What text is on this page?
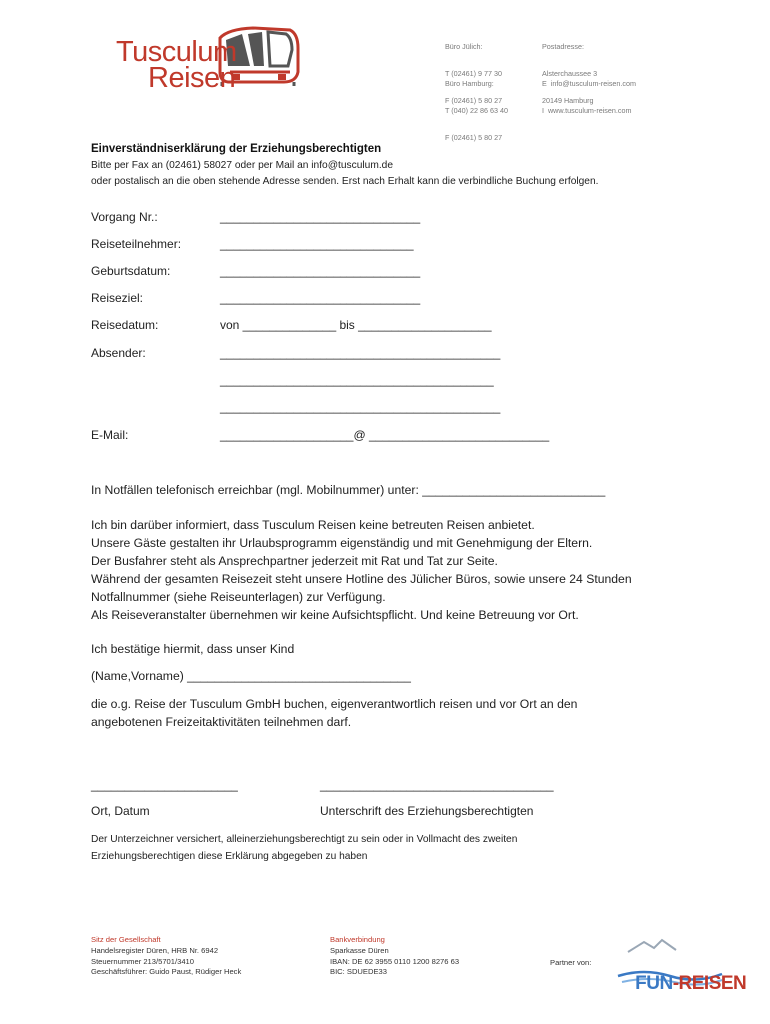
Tusculum
Reisen

Büro Jülich:

T (02461) 9 77 30

F (02461) 5 80 27

Büro Hamburg:

T (040) 22 86 63 40

F (02461) 5 80 27

Postadresse:

Alsterchaussee 3

20149 Hamburg

E  info@tusculum-reisen.com

I  www.tusculum-reisen.com

Einverständniserklärung der Erziehungsberechtigten
Bitte per Fax an (02461) 58027 oder per Mail an info@tusculum.de
oder postalisch an die oben stehende Adresse senden. Erst nach Erhalt kann die verbindliche Buchung erfolgen.
Vorgang Nr.:	______________________________
Reiseteilnehmer:	_____________________________
Geburtsdatum:	______________________________
Reiseziel:	______________________________
Reisedatum:	von ______________ bis ____________________
Absender:	__________________________________________
_________________________________________
__________________________________________
E-Mail:	____________________@ ___________________________
In Notfällen telefonisch erreichbar (mgl. Mobilnummer) unter: ___________________________
Ich bin darüber informiert, dass Tusculum Reisen keine betreuten Reisen anbietet.
Unsere Gäste gestalten ihr Urlaubsprogramm eigenständig und mit Genehmigung der Eltern.
Der Busfahrer steht als Ansprechpartner jederzeit mit Rat und Tat zur Seite.
Während der gesamten Reisezeit steht unsere Hotline des Jülicher Büros, sowie unsere 24 Stunden
Notfallnummer (siehe Reiseunterlagen) zur Verfügung.
Als Reiseveranstalter übernehmen wir keine Aufsichtspflicht. Und keine Betreuung vor Ort.
Ich bestätige hiermit, dass unser Kind
(Name,Vorname) _________________________________
die o.g. Reise der Tusculum GmbH buchen, eigenverantwortlich reisen und vor Ort an den
angebotenen Freizeitaktivitäten teilnehmen darf.
______________________	___________________________________
Ort, Datum	Unterschrift des Erziehungsberechtigten
Der Unterzeichner versichert, alleinerziehungsberechtigt zu sein oder in Vollmacht des zweiten
Erziehungsberechtigen diese Erklärung abgegeben zu haben
Sitz der Gesellschaft
Handelsregister Düren, HRB Nr. 6942
Steuernummer 213/5701/3410
Geschäftsführer: Guido Paust, Rüdiger Heck
Bankverbindung
Sparkasse Düren
IBAN: DE 62 3955 0110 1200 8276 63
BIC: SDUEDE33
Partner von:

FUN-REISEN
